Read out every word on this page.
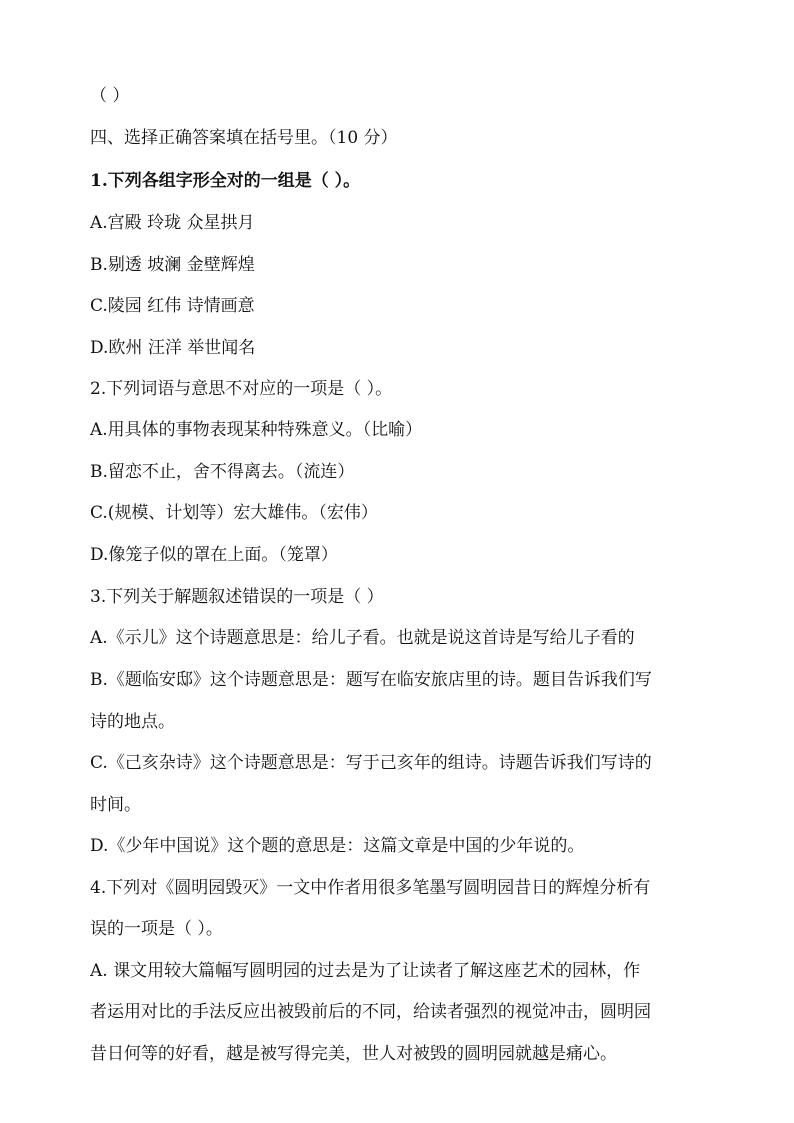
（ ）
四、选择正确答案填在括号里。（10 分）
1.下列各组字形全对的一组是（ ）。
A.宫殿 玲珑 众星拱月
B.剔透 坡澜 金壁辉煌
C.陵园 红伟 诗情画意
D.欧州 汪洋 举世闻名
2.下列词语与意思不对应的一项是（ ）。
A.用具体的事物表现某种特殊意义。（比喻）
B.留恋不止，舍不得离去。（流连）
C.(规模、计划等）宏大雄伟。（宏伟）
D.像笼子似的罩在上面。（笼罩）
3.下列关于解题叙述错误的一项是（ ）
A.《示儿》这个诗题意思是：给儿子看。也就是说这首诗是写给儿子看的
B.《题临安邸》这个诗题意思是：题写在临安旅店里的诗。题目告诉我们写
诗的地点。
C.《己亥杂诗》这个诗题意思是：写于己亥年的组诗。诗题告诉我们写诗的
时间。
D.《少年中国说》这个题的意思是：这篇文章是中国的少年说的。
4.下列对《圆明园毁灭》一文中作者用很多笔墨写圆明园昔日的辉煌分析有
误的一项是（ ）。
A. 课文用较大篇幅写圆明园的过去是为了让读者了解这座艺术的园林，作
者运用对比的手法反应出被毁前后的不同，给读者强烈的视觉冲击，圆明园
昔日何等的好看，越是被写得完美，世人对被毁的圆明园就越是痛心。
